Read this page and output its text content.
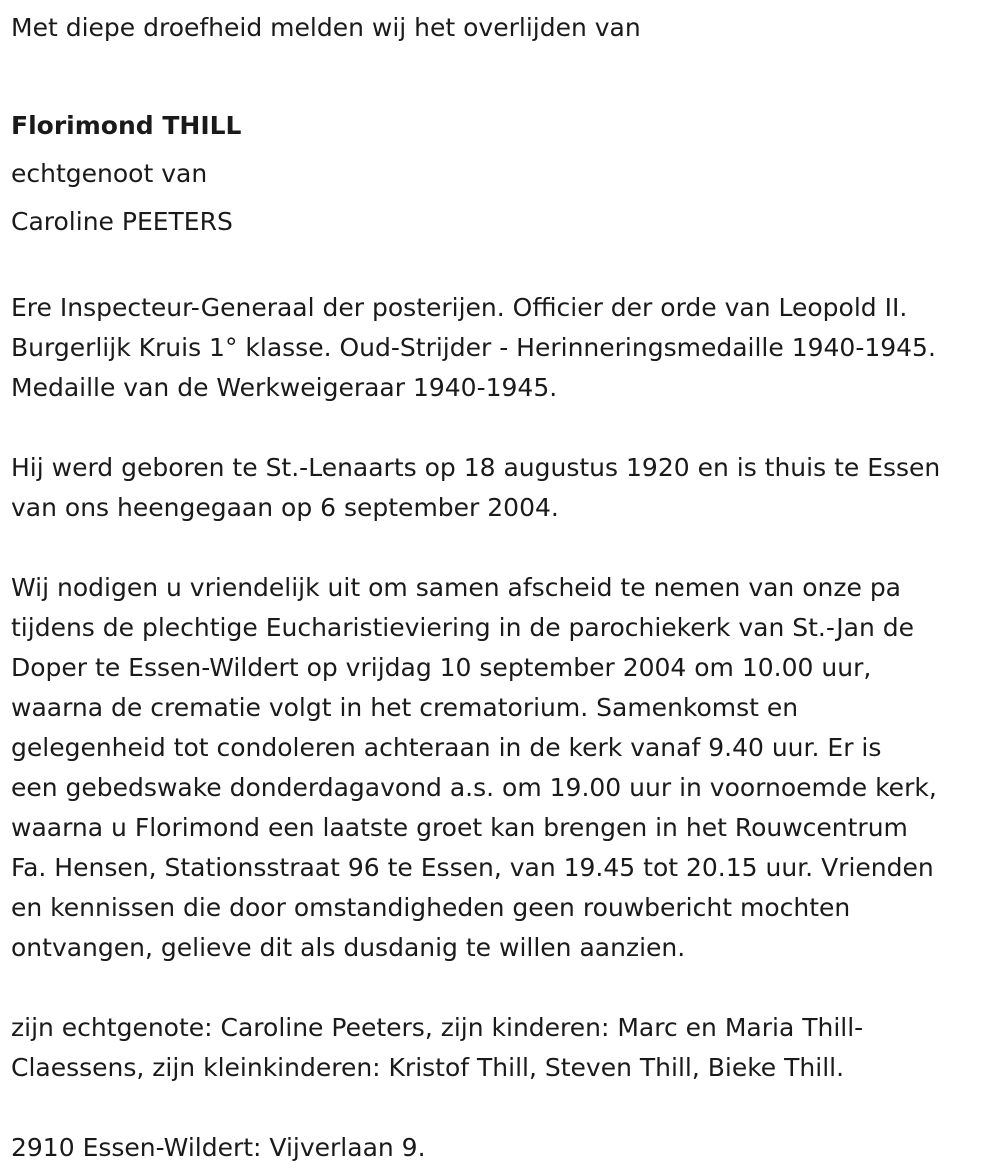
Met diepe droefheid melden wij het overlijden van
Florimond THILL
echtgenoot van
Caroline PEETERS
Ere Inspecteur-Generaal der posterijen. Officier der orde van Leopold II.
Burgerlijk Kruis 1° klasse. Oud-Strijder - Herinneringsmedaille 1940-1945.
Medaille van de Werkweigeraar 1940-1945.
Hij werd geboren te St.-Lenaarts op 18 augustus 1920 en is thuis te Essen
van ons heengegaan op 6 september 2004.
Wij nodigen u vriendelijk uit om samen afscheid te nemen van onze pa
tijdens de plechtige Eucharistieviering in de parochiekerk van St.-Jan de
Doper te Essen-Wildert op vrijdag 10 september 2004 om 10.00 uur,
waarna de crematie volgt in het crematorium. Samenkomst en
gelegenheid tot condoleren achteraan in de kerk vanaf 9.40 uur. Er is
een gebedswake donderdagavond a.s. om 19.00 uur in voornoemde kerk,
waarna u Florimond een laatste groet kan brengen in het Rouwcentrum
Fa. Hensen, Stationsstraat 96 te Essen, van 19.45 tot 20.15 uur. Vrienden
en kennissen die door omstandigheden geen rouwbericht mochten
ontvangen, gelieve dit als dusdanig te willen aanzien.
zijn echtgenote: Caroline Peeters, zijn kinderen: Marc en Maria Thill-
Claessens, zijn kleinkinderen: Kristof Thill, Steven Thill, Bieke Thill.
2910 Essen-Wildert: Vijverlaan 9.
